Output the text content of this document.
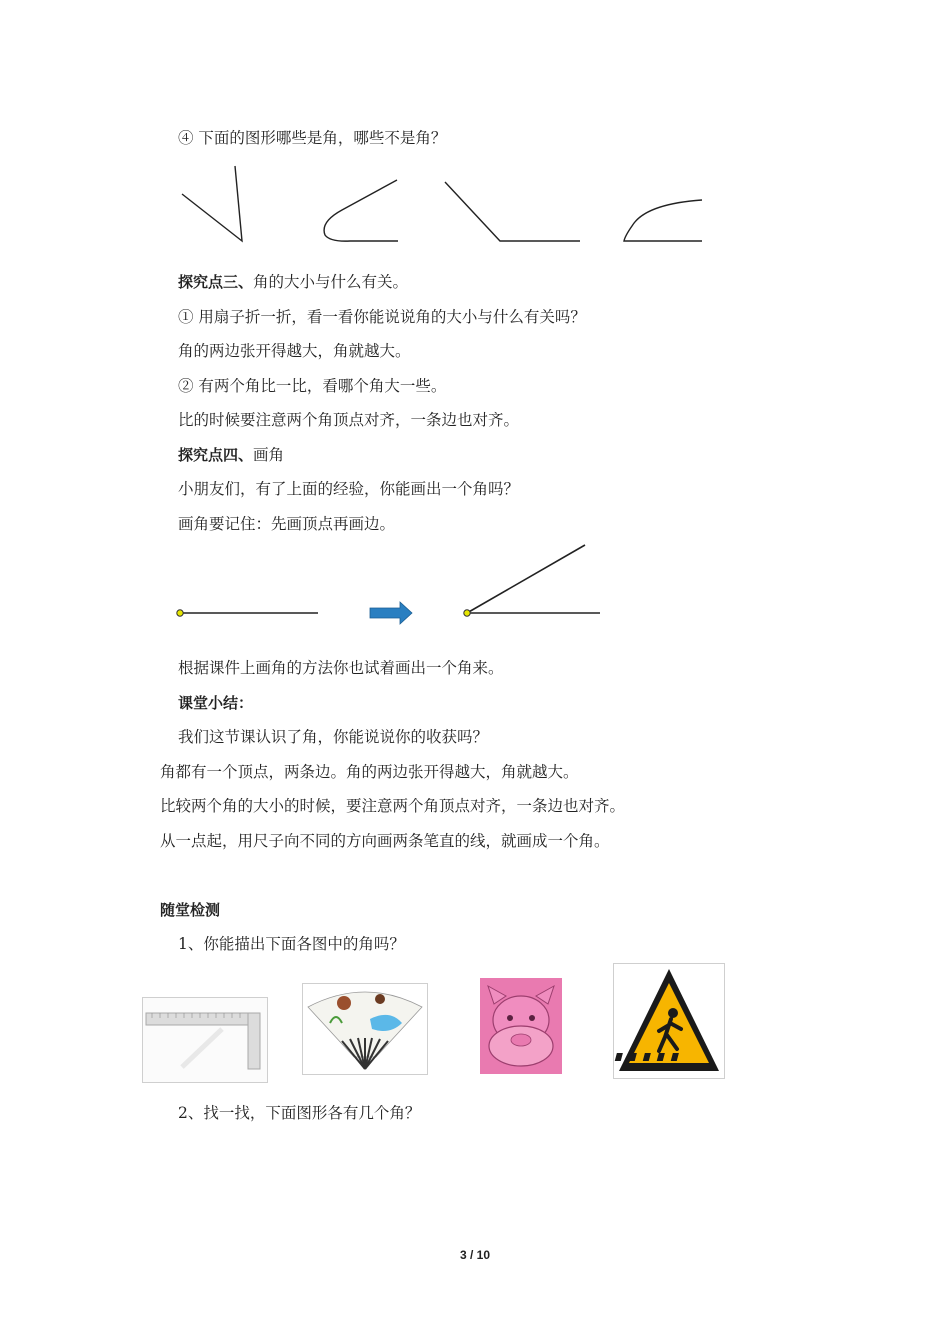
④ 下面的图形哪些是角，哪些不是角？
探究点三、角的大小与什么有关。
① 用扇子折一折，看一看你能说说角的大小与什么有关吗？
角的两边张开得越大，角就越大。
② 有两个角比一比，看哪个角大一些。
比的时候要注意两个角顶点对齐，一条边也对齐。
探究点四、画角
小朋友们，有了上面的经验，你能画出一个角吗？
画角要记住：先画顶点再画边。
根据课件上画角的方法你也试着画出一个角来。
课堂小结：
我们这节课认识了角，你能说说你的收获吗？
角都有一个顶点，两条边。角的两边张开得越大，角就越大。
比较两个角的大小的时候，要注意两个角顶点对齐，一条边也对齐。
从一点起，用尺子向不同的方向画两条笔直的线，就画成一个角。
随堂检测
1、你能描出下面各图中的角吗？
2、找一找，下面图形各有几个角？
3 / 10
